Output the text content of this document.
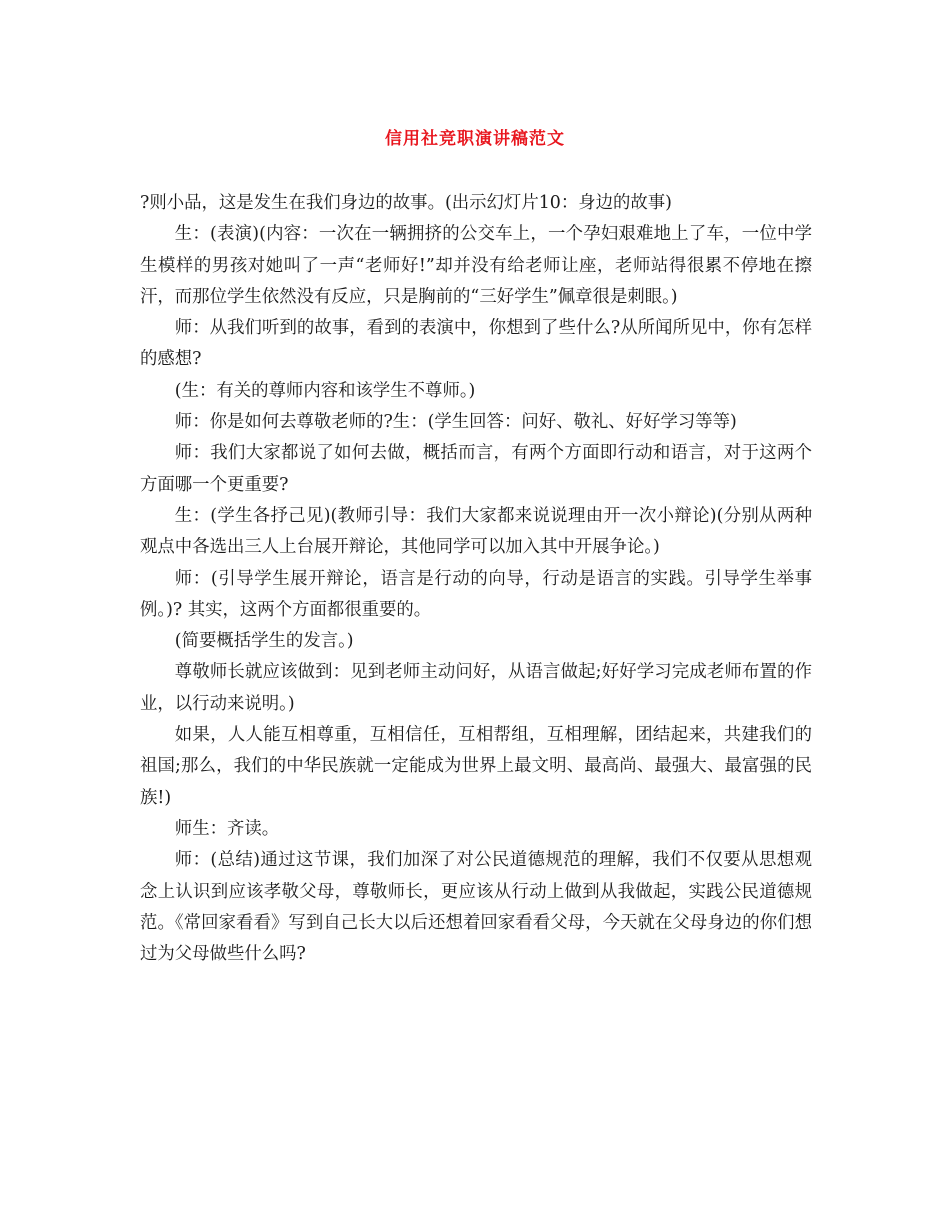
信用社竞职演讲稿范文

?则小品，这是发生在我们身边的故事。(出示幻灯片10：身边的故事)

生：(表演)(内容：一次在一辆拥挤的公交车上，一个孕妇艰难地上了车，一位中学生模样的男孩对她叫了一声“老师好!”却并没有给老师让座，老师站得很累不停地在擦汗，而那位学生依然没有反应，只是胸前的“三好学生”佩章很是刺眼。)

师：从我们听到的故事，看到的表演中，你想到了些什么?从所闻所见中，你有怎样的感想?

(生：有关的尊师内容和该学生不尊师。)

师：你是如何去尊敬老师的?生：(学生回答：问好、敬礼、好好学习等等)

师：我们大家都说了如何去做，概括而言，有两个方面即行动和语言，对于这两个方面哪一个更重要?

生：(学生各抒己见)(教师引导：我们大家都来说说理由开一次小辩论)(分别从两种观点中各选出三人上台展开辩论，其他同学可以加入其中开展争论。)

师：(引导学生展开辩论，语言是行动的向导，行动是语言的实践。引导学生举事例。)? 其实，这两个方面都很重要的。

(简要概括学生的发言。)

尊敬师长就应该做到：见到老师主动问好，从语言做起;好好学习完成老师布置的作业，以行动来说明。)

如果，人人能互相尊重，互相信任，互相帮组，互相理解，团结起来，共建我们的祖国;那么，我们的中华民族就一定能成为世界上最文明、最高尚、最强大、最富强的民族!)

师生：齐读。

师：(总结)通过这节课，我们加深了对公民道德规范的理解，我们不仅要从思想观念上认识到应该孝敬父母，尊敬师长，更应该从行动上做到从我做起，实践公民道德规范。《常回家看看》写到自己长大以后还想着回家看看父母，今天就在父母身边的你们想过为父母做些什么吗?
